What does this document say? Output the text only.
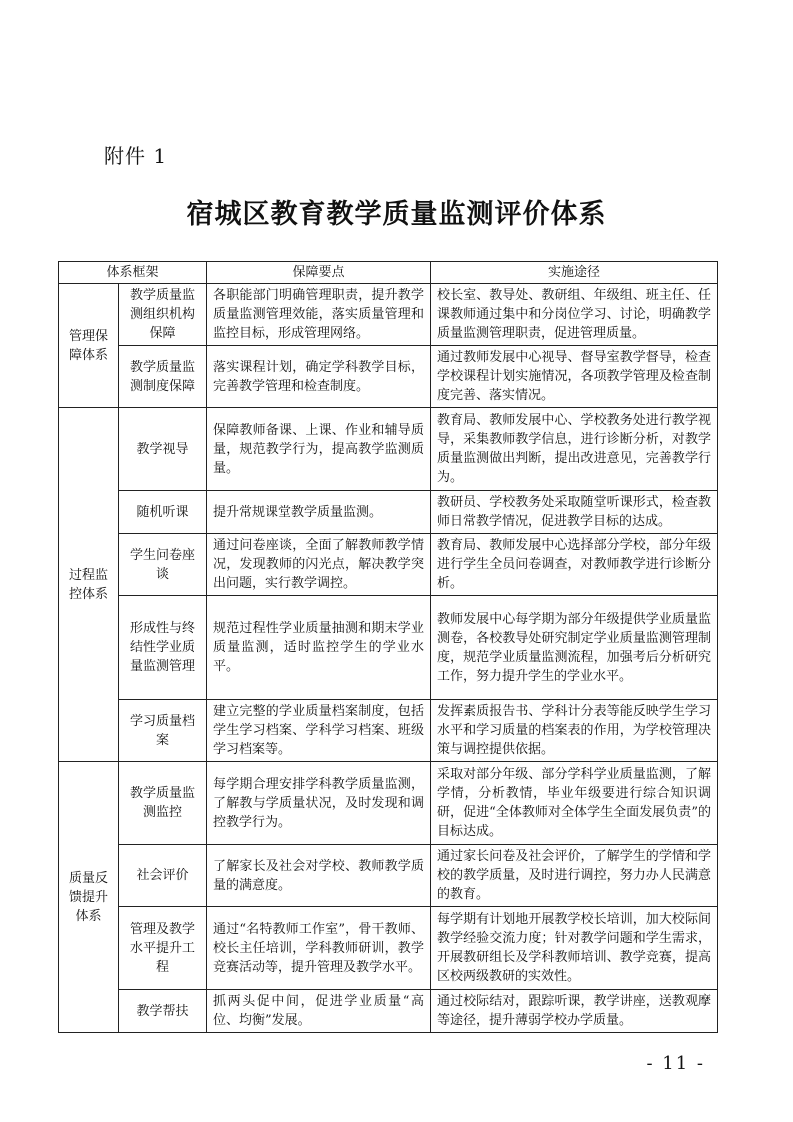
附件 1
宿城区教育教学质量监测评价体系
体系框架		保障要点	实施途径
管理保障体系	教学质量监测组织机构保障	各职能部门明确管理职责，提升教学质量监测管理效能，落实质量管理和监控目标，形成管理网络。	校长室、教导处、教研组、年级组、班主任、任课教师通过集中和分岗位学习、讨论，明确教学质量监测管理职责，促进管理质量。
	教学质量监测制度保障	落实课程计划，确定学科教学目标，完善教学管理和检查制度。	通过教师发展中心视导、督导室教学督导，检查学校课程计划实施情况，各项教学管理及检查制度完善、落实情况。
过程监控体系	教学视导	保障教师备课、上课、作业和辅导质量，规范教学行为，提高教学监测质量。	教育局、教师发展中心、学校教务处进行教学视导，采集教师教学信息，进行诊断分析，对教学质量监测做出判断，提出改进意见，完善教学行为。
	随机听课	提升常规课堂教学质量监测。	教研员、学校教务处采取随堂听课形式，检查教师日常教学情况，促进教学目标的达成。
	学生问卷座谈	通过问卷座谈，全面了解教师教学情况，发现教师的闪光点，解决教学突出问题，实行教学调控。	教育局、教师发展中心选择部分学校，部分年级进行学生全员问卷调查，对教师教学进行诊断分析。
	形成性与终结性学业质量监测管理	规范过程性学业质量抽测和期末学业质量监测，适时监控学生的学业水平。	教师发展中心每学期为部分年级提供学业质量监测卷，各校教导处研究制定学业质量监测管理制度，规范学业质量监测流程，加强考后分析研究工作，努力提升学生的学业水平。
	学习质量档案	建立完整的学业质量档案制度，包括学生学习档案、学科学习档案、班级学习档案等。	发挥素质报告书、学科计分表等能反映学生学习水平和学习质量的档案表的作用，为学校管理决策与调控提供依据。
质量反馈提升体系	教学质量监测监控	每学期合理安排学科教学质量监测，了解教与学质量状况，及时发现和调控教学行为。	采取对部分年级、部分学科学业质量监测，了解学情，分析教情，毕业年级要进行综合知识调研，促进“全体教师对全体学生全面发展负责”的目标达成。
	社会评价	了解家长及社会对学校、教师教学质量的满意度。	通过家长问卷及社会评价，了解学生的学情和学校的教学质量，及时进行调控，努力办人民满意的教育。
	管理及教学水平提升工程	通过“名特教师工作室”，骨干教师、校长主任培训，学科教师研训，教学竞赛活动等，提升管理及教学水平。	每学期有计划地开展教学校长培训，加大校际间教学经验交流力度；针对教学问题和学生需求，开展教研组长及学科教师培训、教学竞赛，提高区校两级教研的实效性。
	教学帮扶	抓两头促中间，促进学业质量“高位、均衡”发展。	通过校际结对，跟踪听课，教学讲座，送教观摩等途径，提升薄弱学校办学质量。
- 11 -
